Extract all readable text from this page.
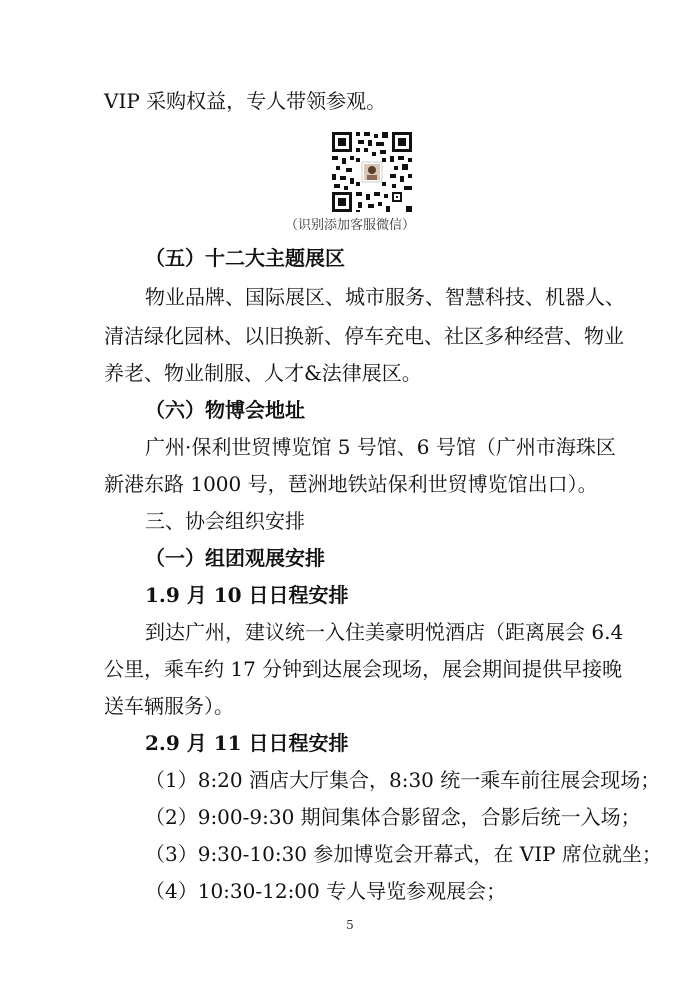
VIP 采购权益，专人带领参观。
（识别添加客服微信）
（五）十二大主题展区
物业品牌、国际展区、城市服务、智慧科技、机器人、
清洁绿化园林、以旧换新、停车充电、社区多种经营、物业
养老、物业制服、人才&法律展区。
（六）物博会地址
广州·保利世贸博览馆 5 号馆、6 号馆（广州市海珠区
新港东路 1000 号，琶洲地铁站保利世贸博览馆出口）。
三、协会组织安排
（一）组团观展安排
1.9 月 10 日日程安排
到达广州，建议统一入住美豪明悦酒店（距离展会 6.4
公里，乘车约 17 分钟到达展会现场，展会期间提供早接晚
送车辆服务）。
2.9 月 11 日日程安排
（1）8:20 酒店大厅集合，8:30 统一乘车前往展会现场；
（2）9:00-9:30 期间集体合影留念，合影后统一入场；
（3）9:30-10:30 参加博览会开幕式，在 VIP 席位就坐；
（4）10:30-12:00 专人导览参观展会；
5
